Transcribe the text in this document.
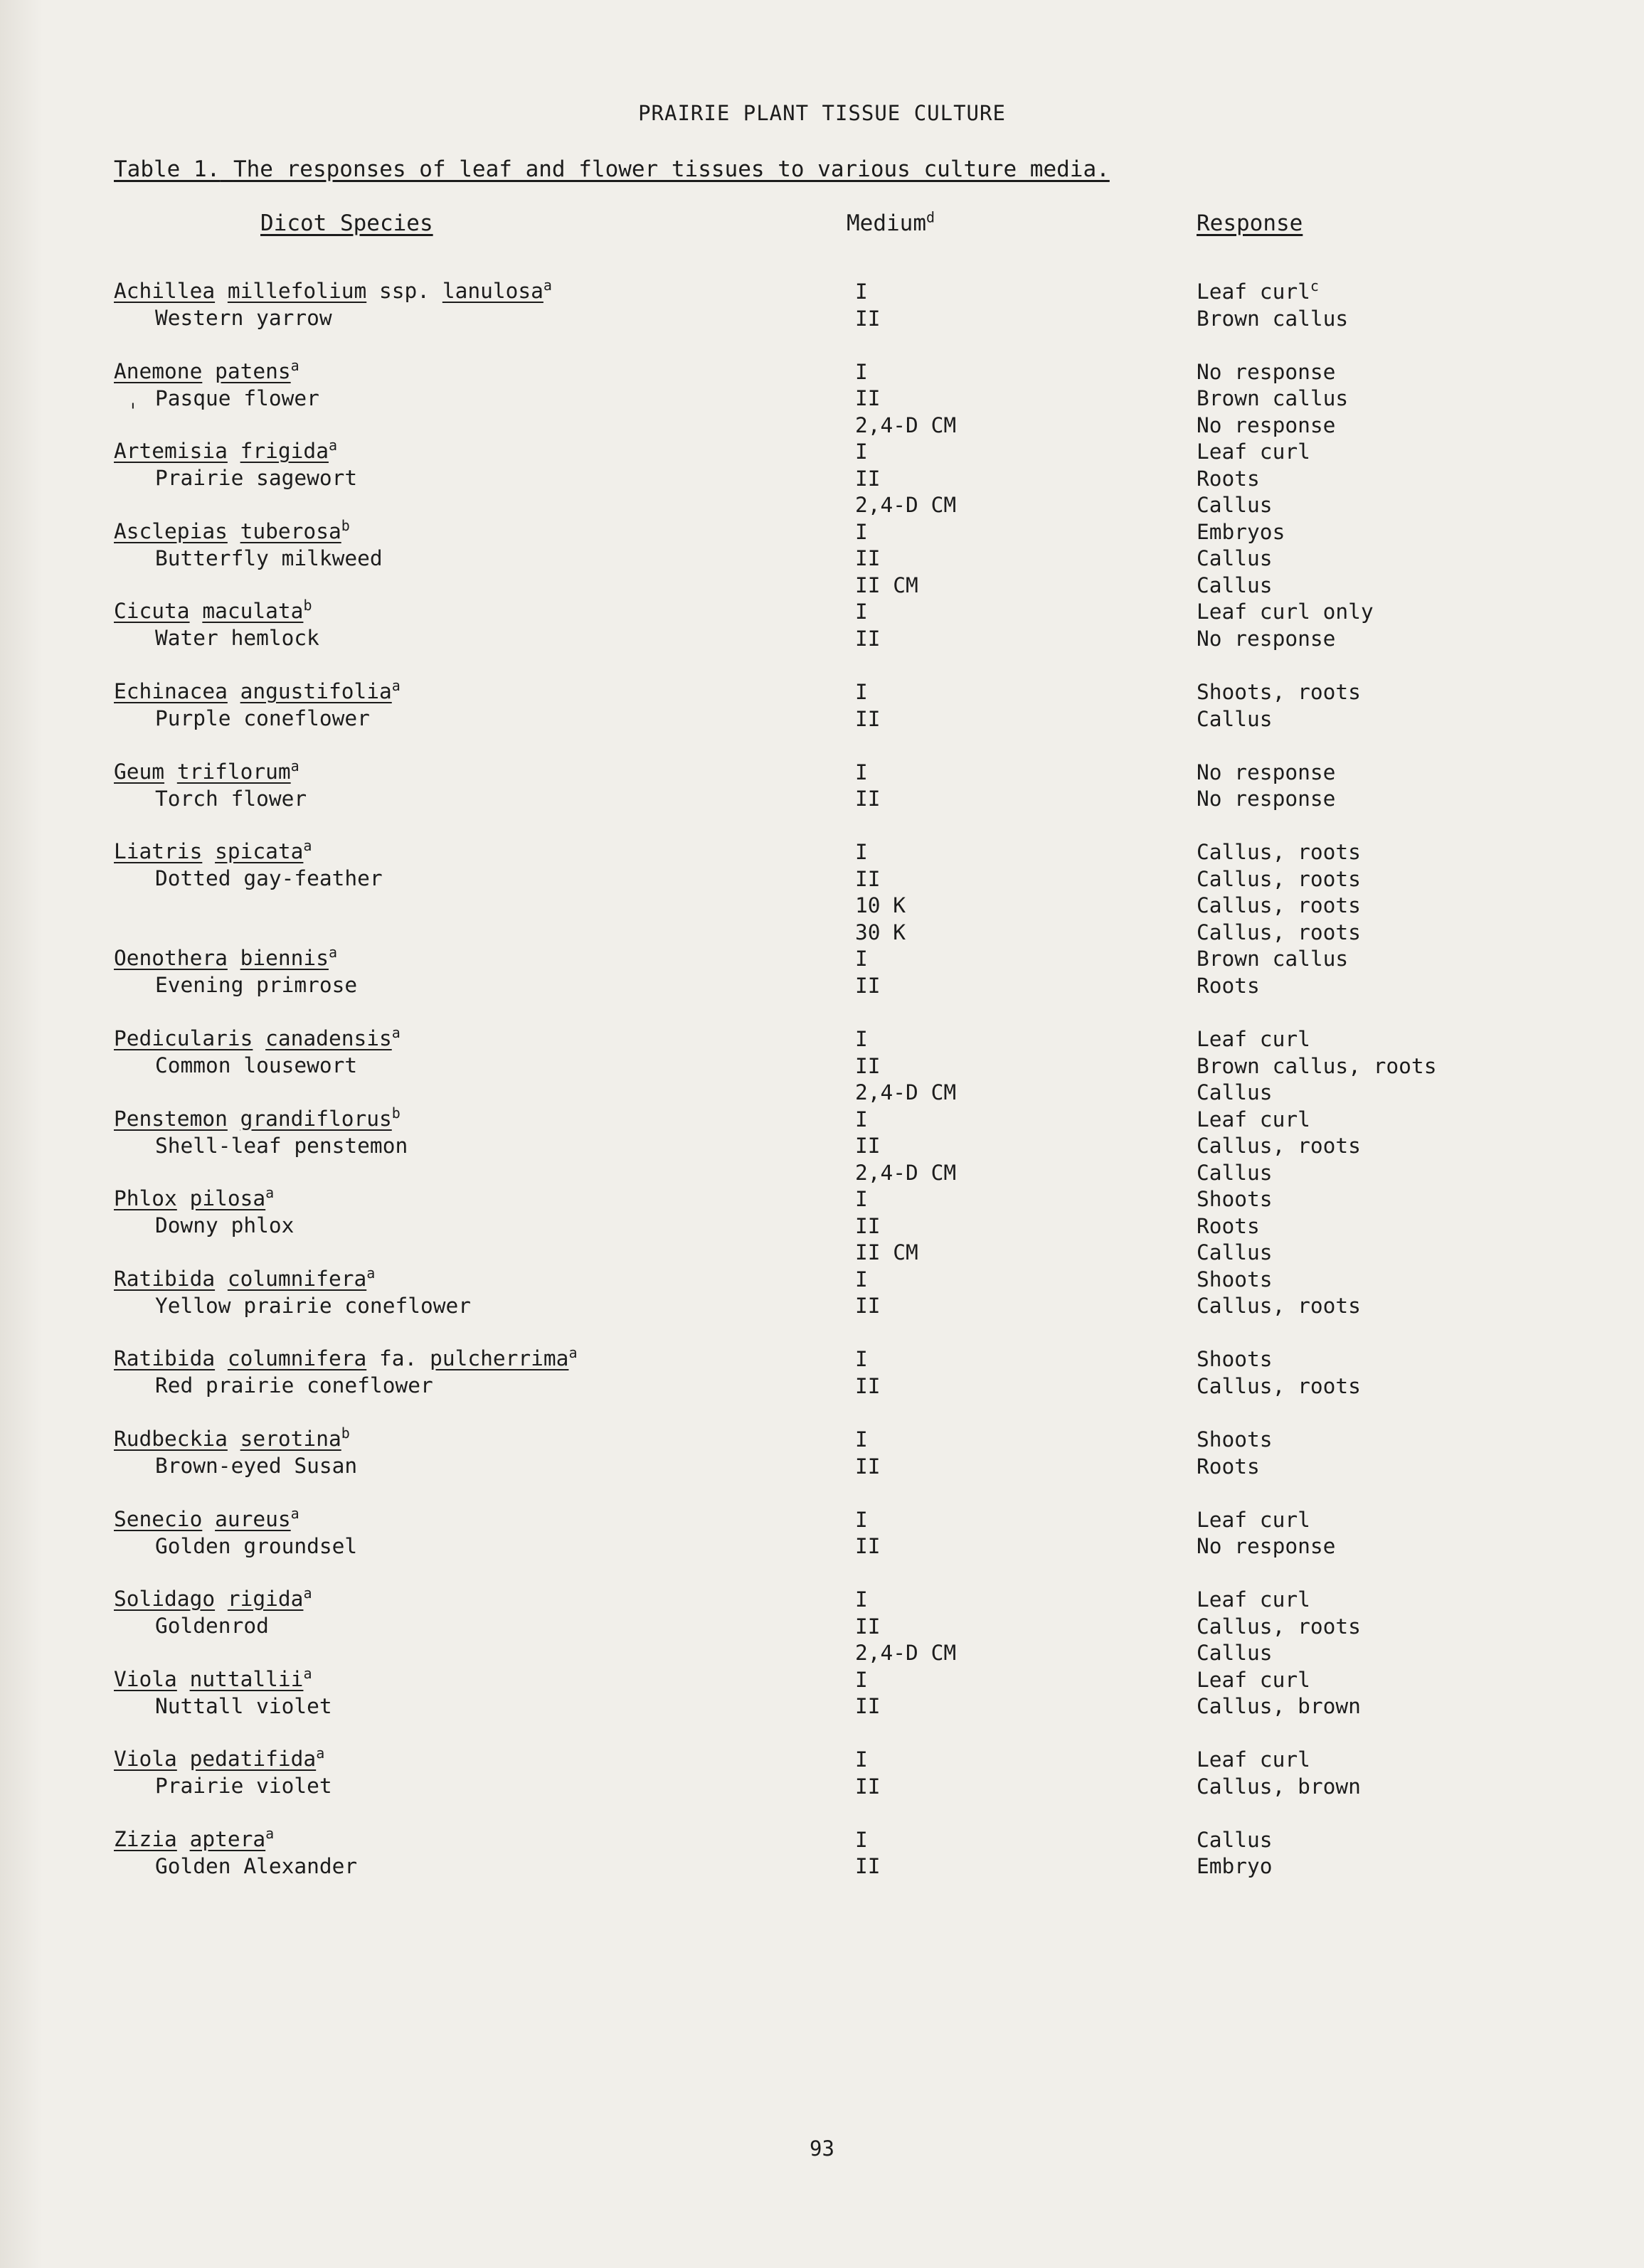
PRAIRIE PLANT TISSUE CULTURE
Table 1. The responses of leaf and flower tissues to various culture media.
Dicot Species	Medium$^d$	Response
Achillea millefolium ssp. lanulosa$^a$
Western yarrow
I
II
Leaf curl$^c$
Brown callus
Anemone patens$^a$
ˌ Pasque flower
I
II
2,4-D CM
No response
Brown callus
No response
Artemisia frigida$^a$
Prairie sagewort
I
II
2,4-D CM
Leaf curl
Roots
Callus
Asclepias tuberosa$^b$
Butterfly milkweed
I
II
II CM
Embryos
Callus
Callus
Cicuta maculata$^b$
Water hemlock
I
II
Leaf curl only
No response
Echinacea angustifolia$^a$
Purple coneflower
I
II
Shoots, roots
Callus
Geum triflorum$^a$
Torch flower
I
II
No response
No response
Liatris spicata$^a$
Dotted gay-feather
I
II
10 K
30 K
Callus, roots
Callus, roots
Callus, roots
Callus, roots
Oenothera biennis$^a$
Evening primrose
I
II
Brown callus
Roots
Pedicularis canadensis$^a$
Common lousewort
I
II
2,4-D CM
Leaf curl
Brown callus, roots
Callus
Penstemon grandiflorus$^b$
Shell-leaf penstemon
I
II
2,4-D CM
Leaf curl
Callus, roots
Callus
Phlox pilosa$^a$
Downy phlox
I
II
II CM
Shoots
Roots
Callus
Ratibida columnifera$^a$
Yellow prairie coneflower
I
II
Shoots
Callus, roots
Ratibida columnifera fa. pulcherrima$^a$
Red prairie coneflower
I
II
Shoots
Callus, roots
Rudbeckia serotina$^b$
Brown-eyed Susan
I
II
Shoots
Roots
Senecio aureus$^a$
Golden groundsel
I
II
Leaf curl
No response
Solidago rigida$^a$
Goldenrod
I
II
2,4-D CM
Leaf curl
Callus, roots
Callus
Viola nuttallii$^a$
Nuttall violet
I
II
Leaf curl
Callus, brown
Viola pedatifida$^a$
Prairie violet
I
II
Leaf curl
Callus, brown
Zizia aptera$^a$
Golden Alexander
I
II
Callus
Embryo
93
